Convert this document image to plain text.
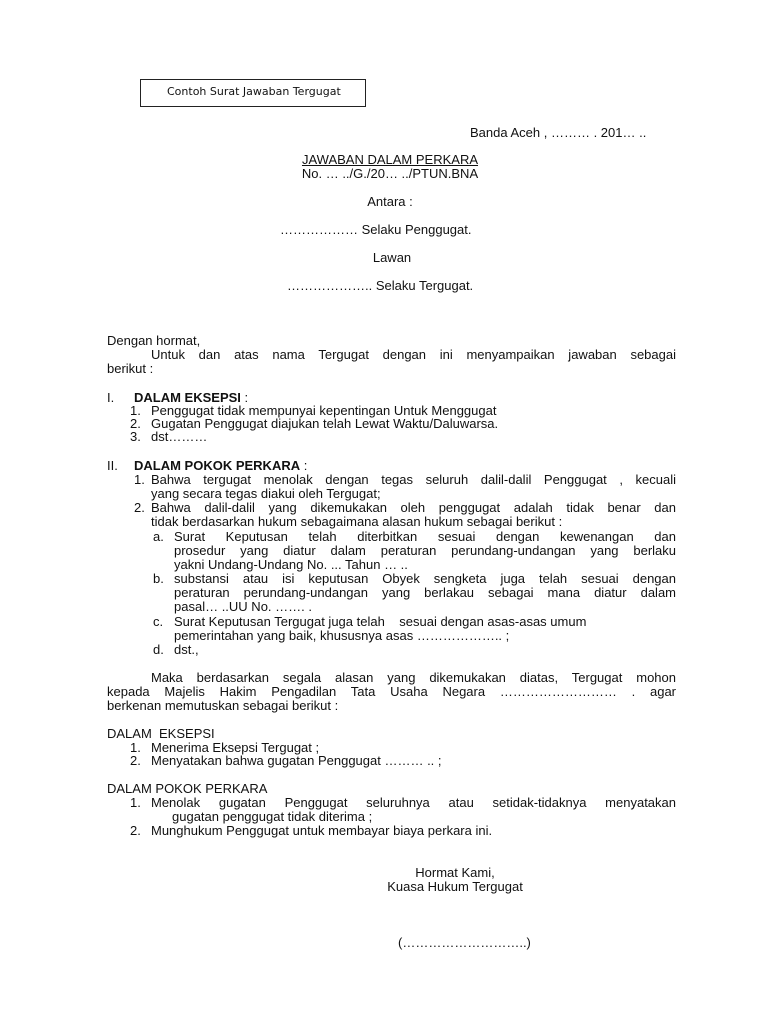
Contoh Surat Jawaban Tergugat
Banda Aceh , ……… . 201… ..
JAWABAN DALAM PERKARA
No. … ../G./20… ../PTUN.BNA
Antara :
……………… Selaku Penggugat.
Lawan
……………….. Selaku Tergugat.
Dengan hormat,
Untuk dan atas nama Tergugat dengan ini menyampaikan jawaban sebagai
berikut :
I. DALAM EKSEPSI :
1. Penggugat tidak mempunyai kepentingan Untuk Menggugat
2. Gugatan Penggugat diajukan telah Lewat Waktu/Daluwarsa.
3. dst………
II. DALAM POKOK PERKARA :
1. Bahwa tergugat menolak dengan tegas seluruh dalil-dalil Penggugat , kecuali
yang secara tegas diakui oleh Tergugat;
2. Bahwa dalil-dalil yang dikemukakan oleh penggugat adalah tidak benar dan
tidak berdasarkan hukum sebagaimana alasan hukum sebagai berikut :
a. Surat Keputusan telah diterbitkan sesuai dengan kewenangan dan
prosedur yang diatur dalam peraturan perundang-undangan yang berlaku
yakni Undang-Undang No. ... Tahun … ..
b. substansi atau isi keputusan Obyek sengketa juga telah sesuai dengan
peraturan perundang-undangan yang berlakau sebagai mana diatur dalam
pasal… ..UU No. ……. .
c. Surat Keputusan Tergugat juga telah    sesuai dengan asas-asas umum
pemerintahan yang baik, khususnya asas ……………….. ;
d. dst.,
Maka berdasarkan segala alasan yang dikemukakan diatas, Tergugat mohon
kepada Majelis Hakim Pengadilan Tata Usaha Negara ……………………… . agar
berkenan memutuskan sebagai berikut :
DALAM  EKSEPSI
1. Menerima Eksepsi Tergugat ;
2. Menyatakan bahwa gugatan Penggugat ……… .. ;
DALAM POKOK PERKARA
1. Menolak gugatan Penggugat seluruhnya atau setidak-tidaknya menyatakan
gugatan penggugat tidak diterima ;
2. Munghukum Penggugat untuk membayar biaya perkara ini.
Hormat Kami,
Kuasa Hukum Tergugat
(………………………..)
